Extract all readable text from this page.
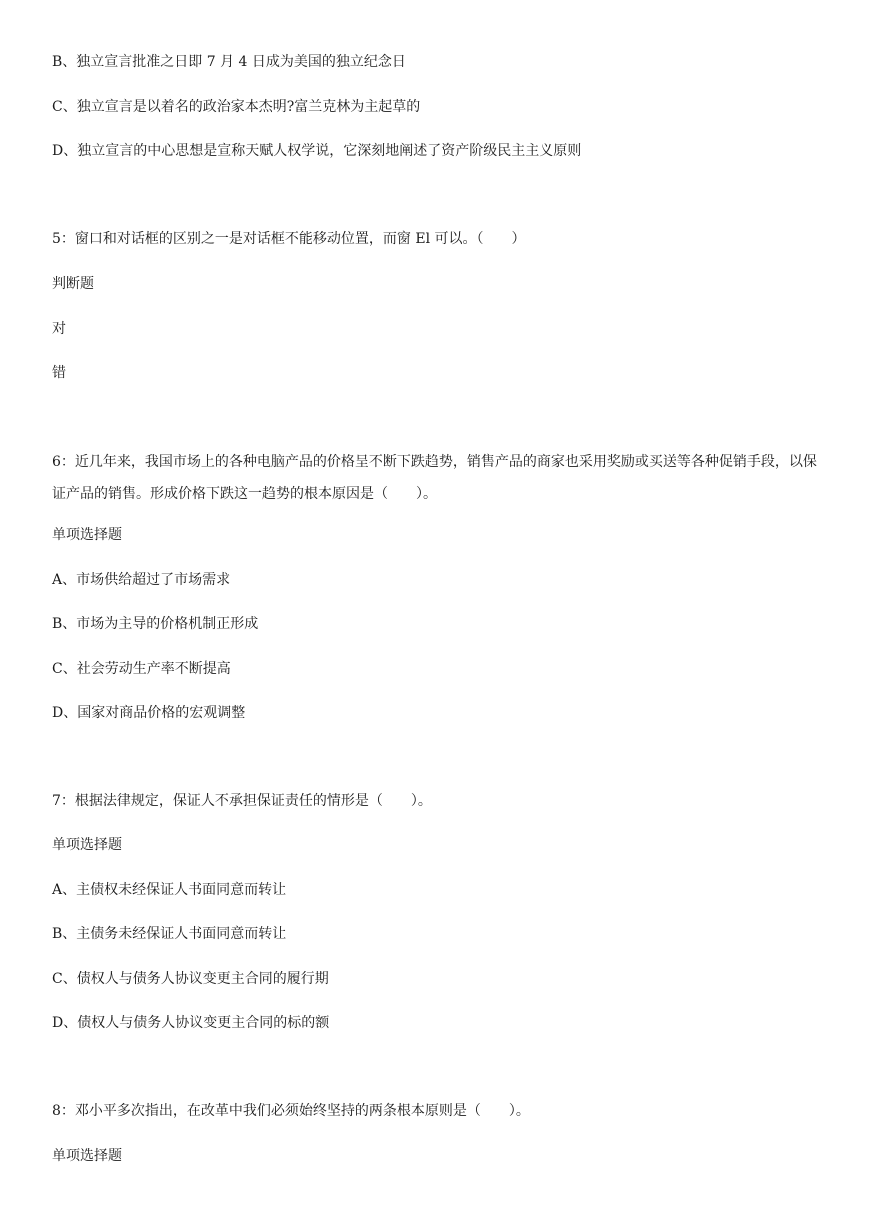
B、独立宣言批准之日即 7 月 4 日成为美国的独立纪念日
C、独立宣言是以着名的政治家本杰明?富兰克林为主起草的
D、独立宣言的中心思想是宣称天赋人权学说，它深刻地阐述了资产阶级民主主义原则
5：窗口和对话框的区别之一是对话框不能移动位置，而窗 El 可以。（　　）
判断题
对
错
6：近几年来，我国市场上的各种电脑产品的价格呈不断下跌趋势，销售产品的商家也采用奖励或买送等各种促销手段，以保证产品的销售。形成价格下跌这一趋势的根本原因是（　　）。
单项选择题
A、市场供给超过了市场需求
B、市场为主导的价格机制正形成
C、社会劳动生产率不断提高
D、国家对商品价格的宏观调整
7：根据法律规定，保证人不承担保证责任的情形是（　　）。
单项选择题
A、主债权未经保证人书面同意而转让
B、主债务未经保证人书面同意而转让
C、债权人与债务人协议变更主合同的履行期
D、债权人与债务人协议变更主合同的标的额
8：邓小平多次指出，在改革中我们必须始终坚持的两条根本原则是（　　）。
单项选择题
